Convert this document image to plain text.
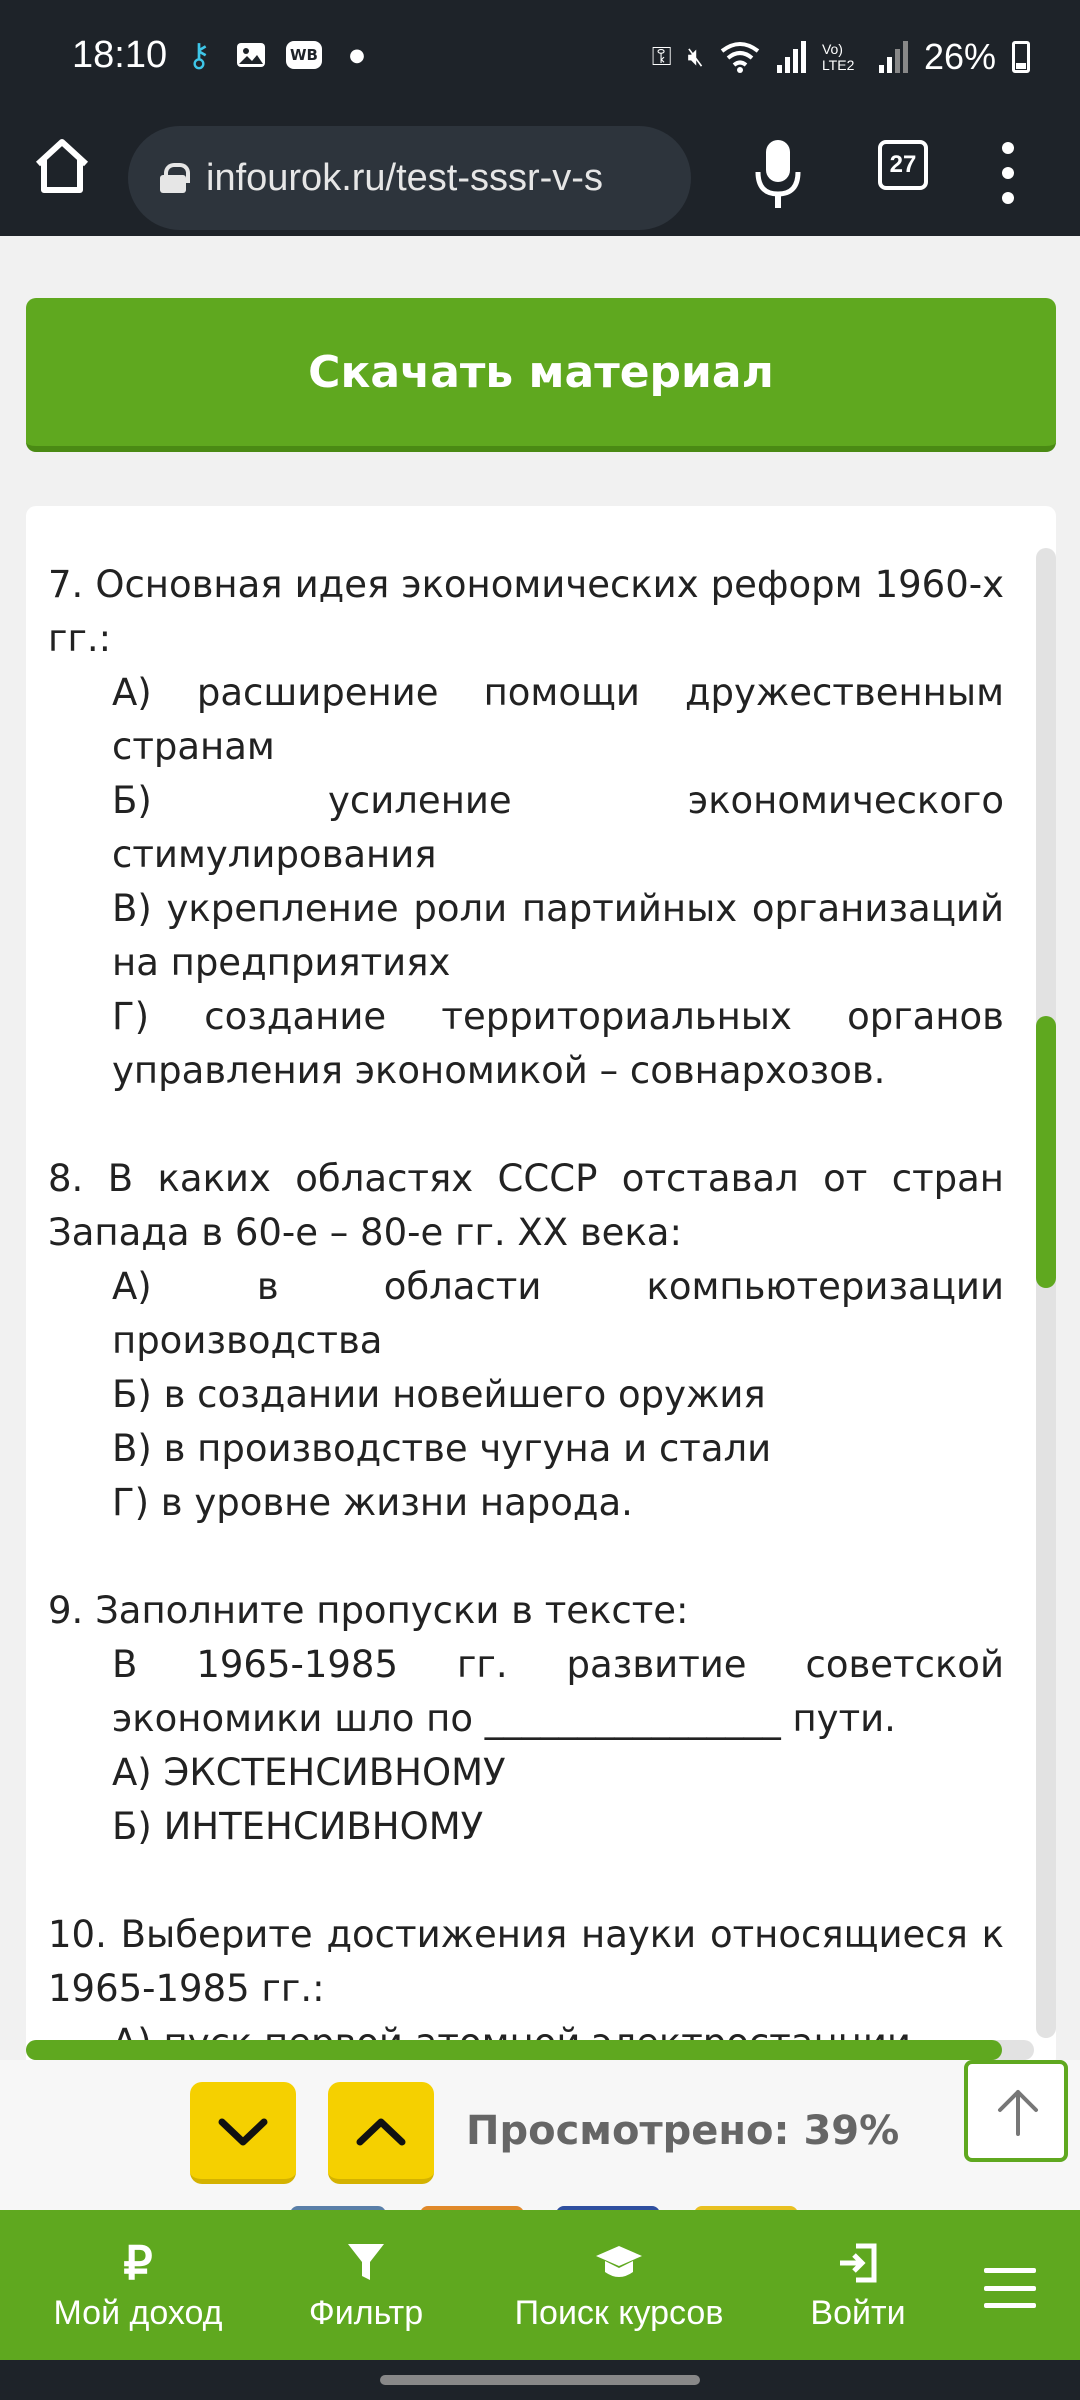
18:10 ⚷	WB	●	⚿ 🔇︎	Vo) LTE2 26%
infourok.ru/test-sssr-v-s	27
Скачать материал
7. Основная идея экономических реформ 1960-х гг.:
А) расширение помощи дружественным странам
Б) усиление экономического стимулирования
В) укрепление роли партийных организаций на предприятиях
Г) создание территориальных органов управления экономикой – совнархозов.
8. В каких областях СССР отставал от стран Запада в 60-е – 80-е гг. XX века:
А) в области компьютеризации производства
Б) в создании новейшего оружия
В) в производстве чугуна и стали
Г) в уровне жизни народа.
9. Заполните пропуски в тексте:
В 1965-1985 гг. развитие советской экономики шло по ________________ пути.
А) ЭКСТЕНСИВНОМУ
Б) ИНТЕНСИВНОМУ
10. Выберите достижения науки относящиеся к 1965-1985 гг.:
Просмотрено: 39%
₽
Мой доход	Фильтр	Поиск курсов	Войти
